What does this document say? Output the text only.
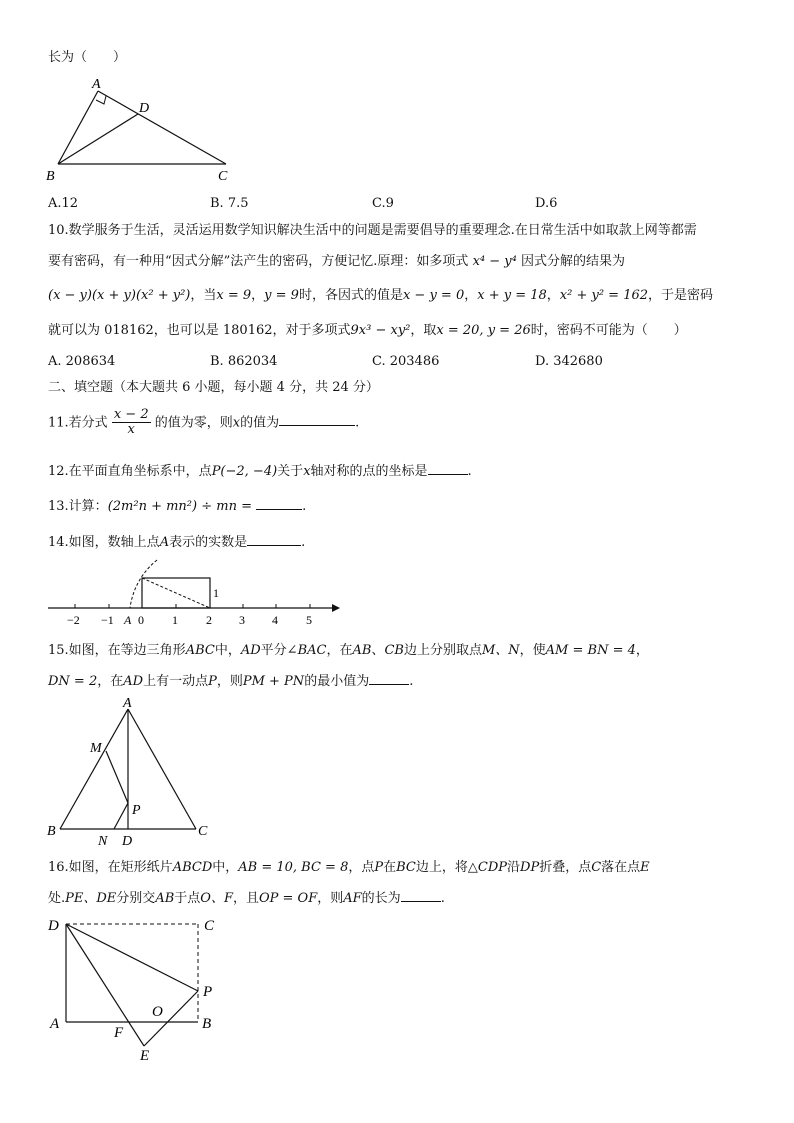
长为（　　）
A
D
B	C
A.12	B. 7.5	C.9	D.6
10.数学服务于生活，灵活运用数学知识解决生活中的问题是需要倡导的重要理念.在日常生活中如取款上网等都需
要有密码，有一种用“因式分解”法产生的密码，方便记忆.原理：如多项式 x⁴ − y⁴ 因式分解的结果为
(x − y)(x + y)(x² + y²)，当x = 9，y = 9时，各因式的值是x − y = 0，x + y = 18，x² + y² = 162，于是密码
就可以为 018162，也可以是 180162，对于多项式9x³ − xy²，取x = 20, y = 26时，密码不可能为（　　）
A. 208634	B. 862034	C. 203486	D. 342680
二、填空题（本大题共 6 小题，每小题 4 分，共 24 分）
11.若分式 $\frac{x - 2}{x}$ 的值为零，则x的值为	.
12.在平面直角坐标系中，点P(−2, −4)关于x轴对称的点的坐标是	.
13.计算：(2m²n + mn²) ÷ mn =	.
14.如图，数轴上点A表示的实数是	.
1
−2 −1 A 0 1 2 3 4 5
15.如图，在等边三角形ABC中，AD平分∠BAC，在AB、CB边上分别取点M、N，使AM = BN = 4，
DN = 2，在AD上有一动点P，则PM + PN的最小值为	.
A
M
P
B
N D
C
16.如图，在矩形纸片ABCD中，AB = 10, BC = 8，点P在BC边上，将△CDP沿DP折叠，点C落在点E
处.PE、DE分别交AB于点O、F，且OP = OF，则AF的长为	.
D	C
P
A
O
B
F
E
